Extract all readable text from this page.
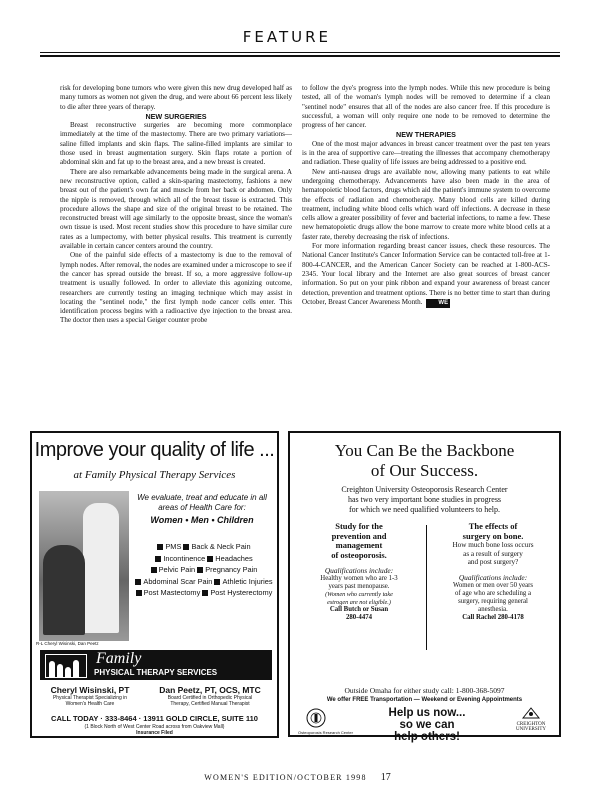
FEATURE

risk for developing bone tumors who were given this new drug developed half as many tumors as women not given the drug, and were about 66 percent less likely to die after three years of therapy.

NEW SURGERIES

Breast reconstructive surgeries are becoming more commonplace immediately at the time of the mastectomy. There are two primary variations—saline filled implants and skin flaps. The saline-filled implants are similar to those used in breast augmentation surgery. Skin flaps rotate a portion of abdominal skin and fat up to the breast area, and a new breast is created.

There are also remarkable advancements being made in the surgical arena. A new reconstructive option, called a skin-sparing mastectomy, fashions a new breast out of the patient's own fat and muscle from her back or abdomen. Only the nipple is removed, through which all of the breast tissue is extracted. This procedure allows the shape and size of the original breast to be retained. The reconstructed breast will age similarly to the opposite breast, since the woman's own tissue is used. Most recent studies show this procedure to have similar cure rates as a lumpectomy, with better physical results. This treatment is currently available in certain cancer centers around the country.

One of the painful side effects of a mastectomy is due to the removal of lymph nodes. After removal, the nodes are examined under a microscope to see if the cancer has spread outside the breast. If so, a more aggressive follow-up treatment is usually followed. In order to alleviate this agonizing outcome, researchers are currently testing an imaging technique which may assist in locating the "sentinel node," the first lymph node cancer cells enter. This identification process begins with a radioactive dye injection to the breast area. The doctor then uses a special Geiger counter probe

to follow the dye's progress into the lymph nodes. While this new procedure is being tested, all of the woman's lymph nodes will be removed to determine if a clean "sentinel node" ensures that all of the nodes are also cancer free. If this procedure is successful, a woman will only require one node to be removed to determine the progress of her cancer.

NEW THERAPIES

One of the most major advances in breast cancer treatment over the past ten years is in the area of supportive care—treating the illnesses that accompany chemotherapy and radiation. These quality of life issues are being addressed to a positive end.

New anti-nausea drugs are available now, allowing many patients to eat while undergoing chemotherapy. Advancements have also been made in the area of hematopoietic blood factors, drugs which aid the patient's immune system to overcome the effects of radiation and chemotherapy. Many blood cells are killed during treatment, including white blood cells which ward off infections. A decrease in these cells allow a greater possibility of fever and bacterial infections, to name a few. These new hematopoietic drugs allow the bone marrow to create more white blood cells at a faster rate, thereby decreasing the risk of infections.

For more information regarding breast cancer issues, check these resources. The National Cancer Institute's Cancer Information Service can be contacted toll-free at 1-800-4-CANCER, and the American Cancer Society can be reached at 1-800-ACS-2345. Your local library and the Internet are also great sources of breast cancer information. So put on your pink ribbon and expand your awareness of breast cancer detection, prevention and treatment options. There is no better time to start than during October, Breast Cancer Awareness Month.	WE

Improve your quality of life ...
at Family Physical Therapy Services
R-L Cheryl Wisinski, Dan Peetz
We evaluate, treat and educate in all areas of Health Care for:
Women • Men • Children
PMS Back & Neck Pain
Incontinence Headaches
Pelvic Pain Pregnancy Pain
Abdominal Scar Pain Athletic Injuries
Post Mastectomy Post Hysterectomy
Family
PHYSICAL THERAPY SERVICES
Cheryl Wisinski, PT
Physical Therapist Specializing in
Women's Health Care
Dan Peetz, PT, OCS, MTC
Board Certified in Orthopedic Physical
Therapy, Certified Manual Therapist
CALL TODAY · 333-8464 · 13911 GOLD CIRCLE, SUITE 110
(1 Block North of West Center Road across from Oakview Mall)
Insurance Filed
You Can Be the Backbone
of Our Success.
Creighton University Osteoporosis Research Center
has two very important bone studies in progress
for which we need qualified volunteers to help.
Study for the
prevention and
management
of osteoporosis.
Qualifications include:
Healthy women who are 1-3
years past menopause.
(Women who currently take
estrogen are not eligible.)
Call Butch or Susan
280-4474
The effects of
surgery on bone.
How much bone loss occurs
as a result of surgery
and post surgery?
Qualifications include:
Women or men over 50 years
of age who are scheduling a
surgery, requiring general
anesthesia.
Call Rachel 280-4178
Outside Omaha for either study call: 1-800-368-5097
We offer FREE Transportation — Weekend or Evening Appointments
Osteoporosis Research Center
Help us now...
so we can
help others!
CREIGHTON
UNIVERSITY
WOMEN'S EDITION/OCTOBER 1998 17
